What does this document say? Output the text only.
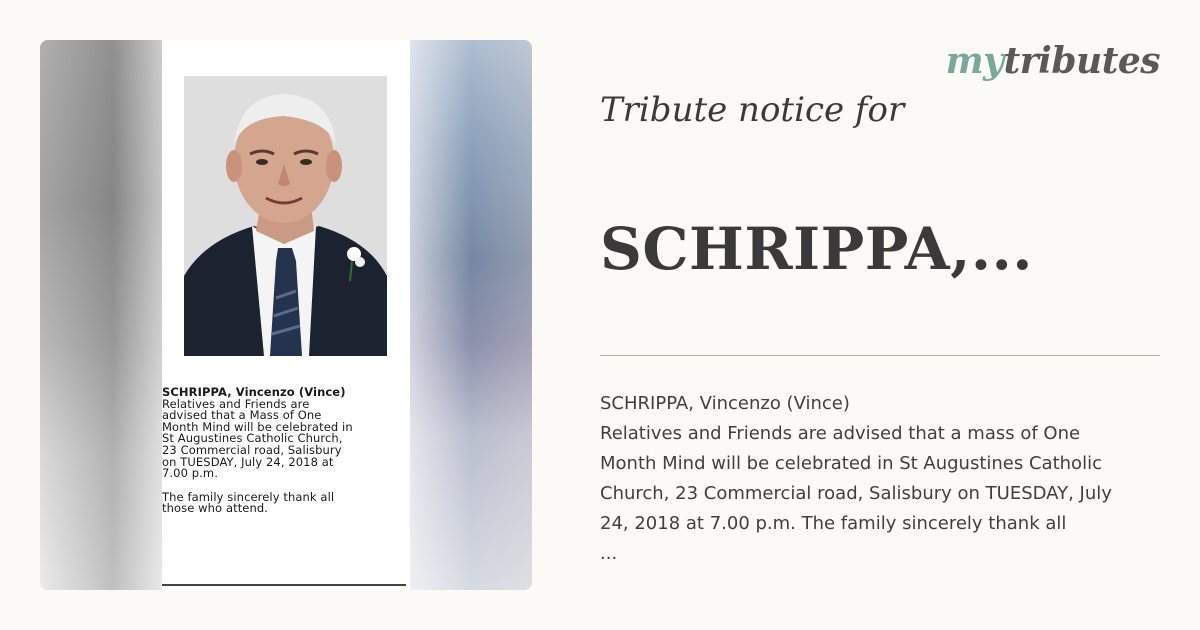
SCHRIPPA, Vincenzo (Vince)
Relatives and Friends are
advised that a Mass of One
Month Mind will be celebrated in
St Augustines Catholic Church,
23 Commercial road, Salisbury
on TUESDAY, July 24, 2018 at
7.00 p.m.
The family sincerely thank all
those who attend.
mytributes
Tribute notice for
SCHRIPPA,...
SCHRIPPA, Vincenzo (Vince)
Relatives and Friends are advised that a mass of One
Month Mind will be celebrated in St Augustines Catholic
Church, 23 Commercial road, Salisbury on TUESDAY, July
24, 2018 at 7.00 p.m. The family sincerely thank all
...
